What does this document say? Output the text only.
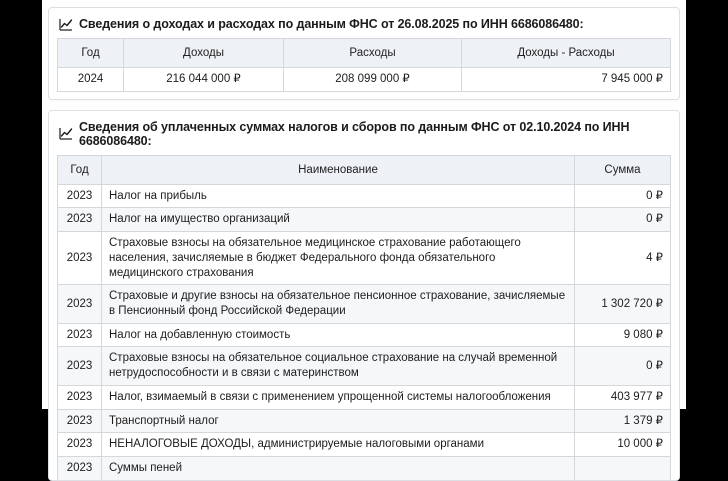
Сведения о доходах и расходах по данным ФНС от 26.08.2025 по ИНН 6686086480:
Год	Доходы	Расходы	Доходы - Расходы
2024	216 044 000 ₽	208 099 000 ₽	7 945 000 ₽
Сведения об уплаченных суммах налогов и сборов по данным ФНС от 02.10.2024 по ИНН 6686086480:
Год	Наименование	Сумма
2023	Налог на прибыль	0 ₽
2023	Налог на имущество организаций	0 ₽
2023	Страховые взносы на обязательное медицинское страхование работающего населения, зачисляемые в бюджет Федерального фонда обязательного медицинского страхования	4 ₽
2023	Страховые и другие взносы на обязательное пенсионное страхование, зачисляемые в Пенсионный фонд Российской Федерации	1 302 720 ₽
2023	Налог на добавленную стоимость	9 080 ₽
2023	Страховые взносы на обязательное социальное страхование на случай временной нетрудоспособности и в связи с материнством	0 ₽
2023	Налог, взимаемый в связи с применением упрощенной системы налогообложения	403 977 ₽
2023	Транспортный налог	1 379 ₽
2023	НЕНАЛОГОВЫЕ ДОХОДЫ, администрируемые налоговыми органами	10 000 ₽
2023	Суммы пеней	
